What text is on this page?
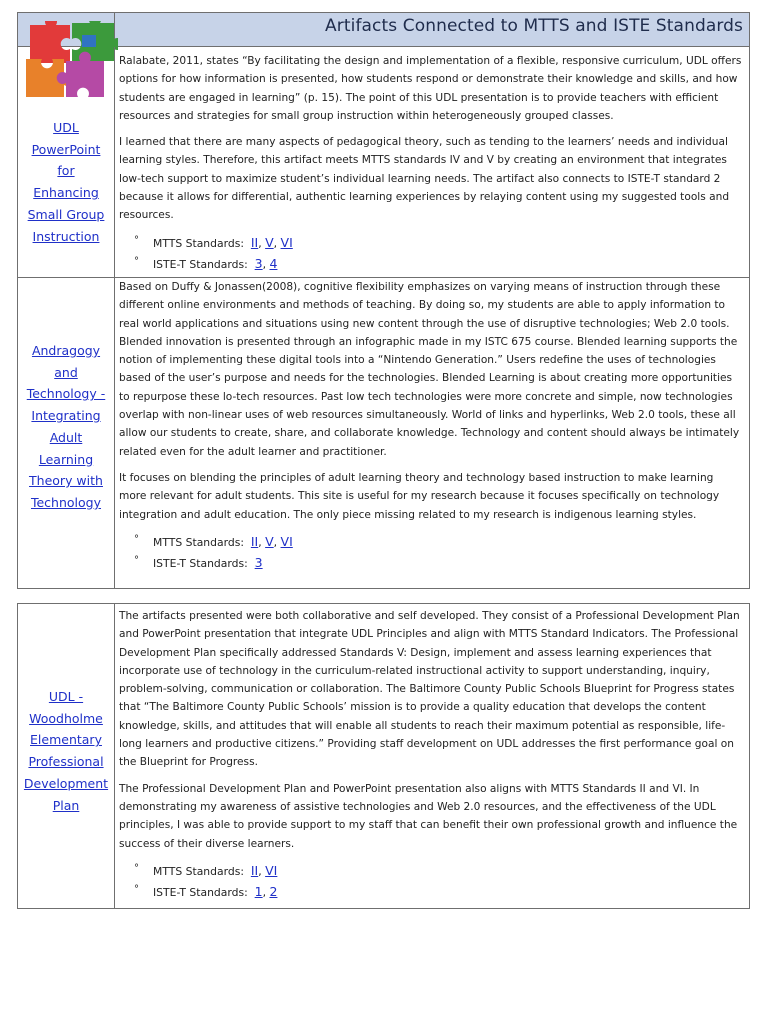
Artifacts Connected to MTTS and ISTE Standards
UDL
PowerPoint
for
Enhancing
Small Group
Instruction

Ralabate, 2011, states “By facilitating the design and implementation of a flexible, responsive curriculum, UDL offers options for how information is presented, how students respond or demonstrate their knowledge and skills, and how students are engaged in learning” (p. 15). The point of this UDL presentation is to provide teachers with efficient resources and strategies for small group instruction within heterogeneously grouped classes.

I learned that there are many aspects of pedagogical theory, such as tending to the learners’ needs and individual learning styles. Therefore, this artifact meets MTTS standards IV and V by creating an environment that integrates low-tech support to maximize student’s individual learning needs. The artifact also connects to ISTE-T standard 2 because it allows for differential, authentic learning experiences by relaying content using my suggested tools and resources.

° MTTS Standards: II, V, VI
° ISTE-T Standards: 3, 4
Andragogy
and
Technology -
Integrating
Adult
Learning
Theory with
Technology

Based on Duffy & Jonassen(2008), cognitive flexibility emphasizes on varying means of instruction through these different online environments and methods of teaching. By doing so, my students are able to apply information to real world applications and situations using new content through the use of disruptive technologies; Web 2.0 tools. Blended innovation is presented through an infographic made in my ISTC 675 course. Blended learning supports the notion of implementing these digital tools into a “Nintendo Generation.” Users redefine the uses of technologies based of the user’s purpose and needs for the technologies. Blended Learning is about creating more opportunities to repurpose these lo-tech resources. Past low tech technologies were more concrete and simple, now technologies overlap with non-linear uses of web resources simultaneously. World of links and hyperlinks, Web 2.0 tools, these all allow our students to create, share, and collaborate knowledge. Technology and content should always be intimately related even for the adult learner and practitioner.

It focuses on blending the principles of adult learning theory and technology based instruction to make learning more relevant for adult students. This site is useful for my research because it focuses specifically on technology integration and adult education. The only piece missing related to my research is indigenous learning styles.

° MTTS Standards: II, V, VI
° ISTE-T Standards: 3
UDL -
Woodholme
Elementary
Professional
Development
Plan

The artifacts presented were both collaborative and self developed. They consist of a Professional Development Plan and PowerPoint presentation that integrate UDL Principles and align with MTTS Standard Indicators. The Professional Development Plan specifically addressed Standards V: Design, implement and assess learning experiences that incorporate use of technology in the curriculum-related instructional activity to support understanding, inquiry, problem-solving, communication or collaboration. The Baltimore County Public Schools Blueprint for Progress states that “The Baltimore County Public Schools’ mission is to provide a quality education that develops the content knowledge, skills, and attitudes that will enable all students to reach their maximum potential as responsible, life-long learners and productive citizens.” Providing staff development on UDL addresses the first performance goal on the Blueprint for Progress.

The Professional Development Plan and PowerPoint presentation also aligns with MTTS Standards II and VI. In demonstrating my awareness of assistive technologies and Web 2.0 resources, and the effectiveness of the UDL principles, I was able to provide support to my staff that can benefit their own professional growth and influence the success of their diverse learners.

° MTTS Standards: II, VI
° ISTE-T Standards: 1, 2
